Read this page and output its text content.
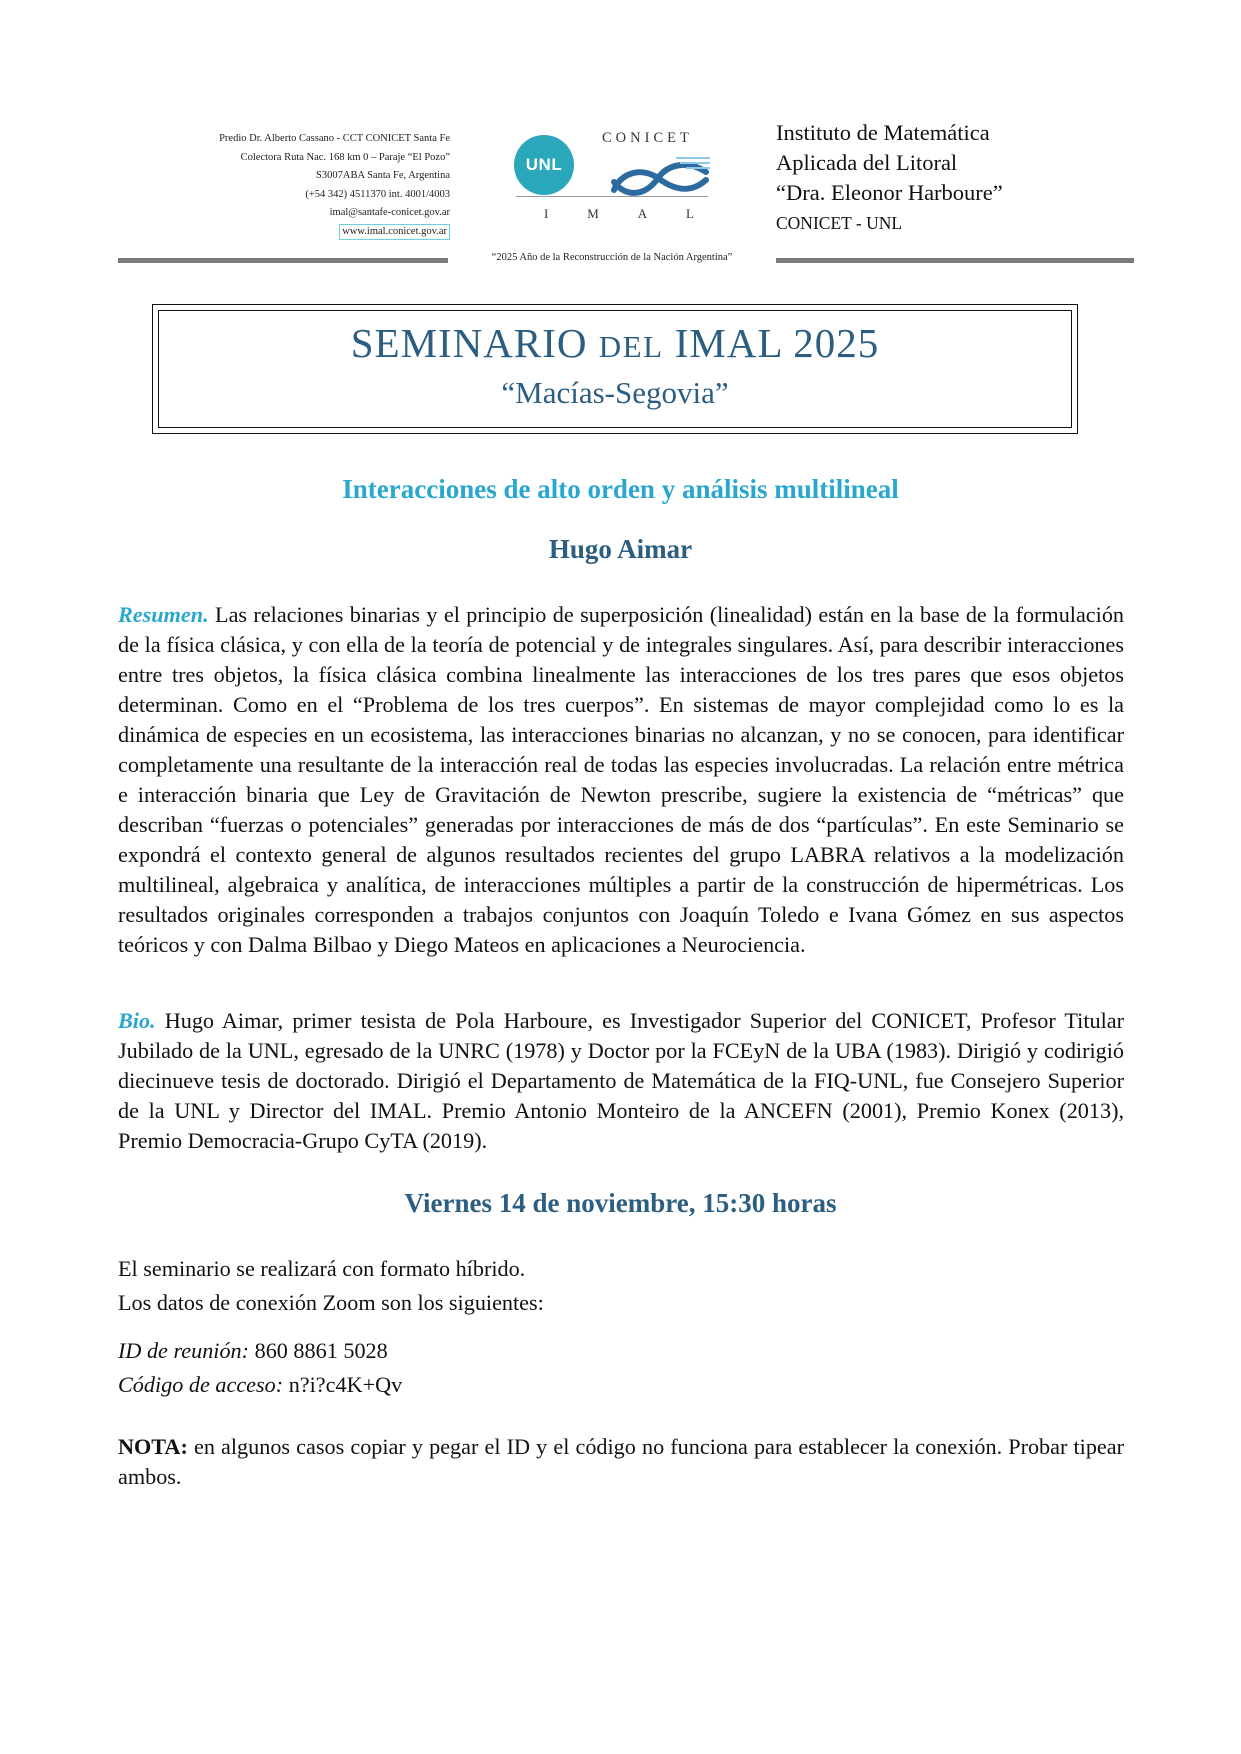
Predio Dr. Alberto Cassano - CCT CONICET Santa Fe
Colectora Ruta Nac. 168 km 0 – Paraje “El Pozo”
S3007ABA Santa Fe, Argentina
(+54 342) 4511370 int. 4001/4003
imal@santafe-conicet.gov.ar
www.imal.conicet.gov.ar
UNL
CONICET
I	M	A	L
Instituto de Matemática
Aplicada del Litoral
“Dra. Eleonor Harboure”
CONICET - UNL
“2025 Año de la Reconstrucción de la Nación Argentina”
SEMINARIO DEL IMAL 2025
“Macías-Segovia”
Interacciones de alto orden y análisis multilineal
Hugo Aimar
Resumen. Las relaciones binarias y el principio de superposición (linealidad) están en la base de la formulación de la física clásica, y con ella de la teoría de potencial y de integrales singulares. Así, para describir interacciones entre tres objetos, la física clásica combina linealmente las interacciones de los tres pares que esos objetos determinan. Como en el “Problema de los tres cuerpos”. En sistemas de mayor complejidad como lo es la dinámica de especies en un ecosistema, las interacciones binarias no alcanzan, y no se conocen, para identificar completamente una resultante de la interacción real de todas las especies involucradas. La relación entre métrica e interacción binaria que Ley de Gravitación de Newton prescribe, sugiere la existencia de “métricas” que describan “fuerzas o potenciales” generadas por interacciones de más de dos “partículas”. En este Seminario se expondrá el contexto general de algunos resultados recientes del grupo LABRA relativos a la modelización multilineal, algebraica y analítica, de interacciones múltiples a partir de la construcción de hipermétricas. Los resultados originales corresponden a trabajos conjuntos con Joaquín Toledo e Ivana Gómez en sus aspectos teóricos y con Dalma Bilbao y Diego Mateos en aplicaciones a Neurociencia.
Bio. Hugo Aimar, primer tesista de Pola Harboure, es Investigador Superior del CONICET, Profesor Titular Jubilado de la UNL, egresado de la UNRC (1978) y Doctor por la FCEyN de la UBA (1983). Dirigió y codirigió diecinueve tesis de doctorado. Dirigió el Departamento de Matemática de la FIQ-UNL, fue Consejero Superior de la UNL y Director del IMAL. Premio Antonio Monteiro de la ANCEFN (2001), Premio Konex (2013), Premio Democracia-Grupo CyTA (2019).
Viernes 14 de noviembre, 15:30 horas
El seminario se realizará con formato híbrido.
Los datos de conexión Zoom son los siguientes:
ID de reunión: 860 8861 5028
Código de acceso: n?i?c4K+Qv
NOTA: en algunos casos copiar y pegar el ID y el código no funciona para establecer la conexión. Probar tipear ambos.
